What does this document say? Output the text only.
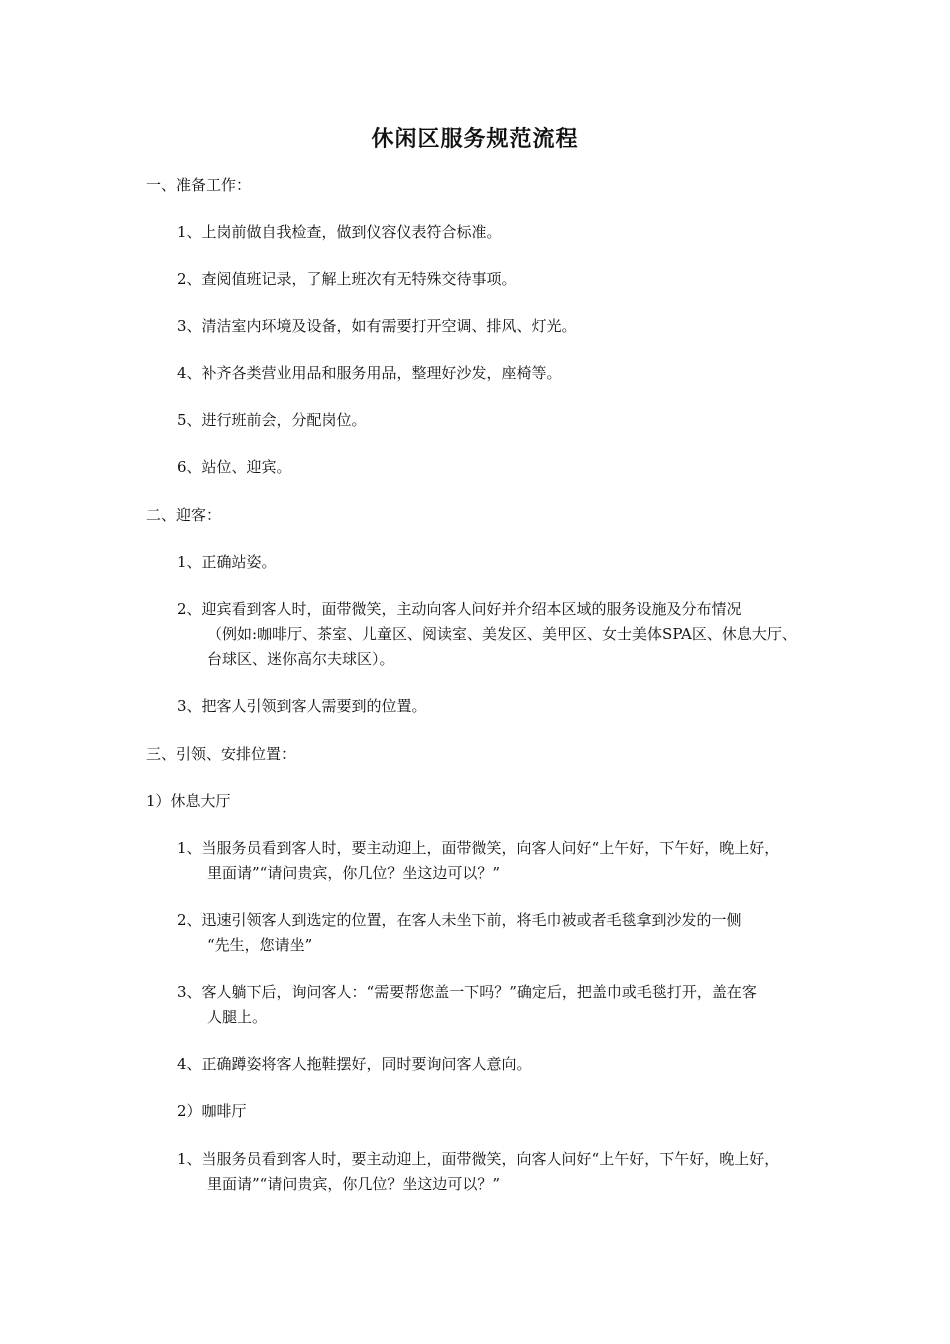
休闲区服务规范流程
一、准备工作：
1、上岗前做自我检查，做到仪容仪表符合标准。
2、查阅值班记录，了解上班次有无特殊交待事项。
3、清洁室内环境及设备，如有需要打开空调、排风、灯光。
4、补齐各类营业用品和服务用品，整理好沙发，座椅等。
5、进行班前会，分配岗位。
6、站位、迎宾。
二、迎客：
1、正确站姿。
2、迎宾看到客人时，面带微笑，主动向客人问好并介绍本区域的服务设施及分布情况
（例如:咖啡厅、茶室、儿童区、阅读室、美发区、美甲区、女士美体SPA区、休息大厅、
台球区、迷你高尔夫球区）。
3、把客人引领到客人需要到的位置。
三、引领、安排位置：
1）休息大厅
1、当服务员看到客人时，要主动迎上，面带微笑，向客人问好“上午好，下午好，晚上好，
里面请”“请问贵宾，你几位？坐这边可以？”
2、迅速引领客人到选定的位置，在客人未坐下前，将毛巾被或者毛毯拿到沙发的一侧
“先生，您请坐”
3、客人躺下后，询问客人：“需要帮您盖一下吗？”确定后，把盖巾或毛毯打开，盖在客
人腿上。
4、正确蹲姿将客人拖鞋摆好，同时要询问客人意向。
2）咖啡厅
1、当服务员看到客人时，要主动迎上，面带微笑，向客人问好“上午好，下午好，晚上好，
里面请”“请问贵宾，你几位？坐这边可以？”
